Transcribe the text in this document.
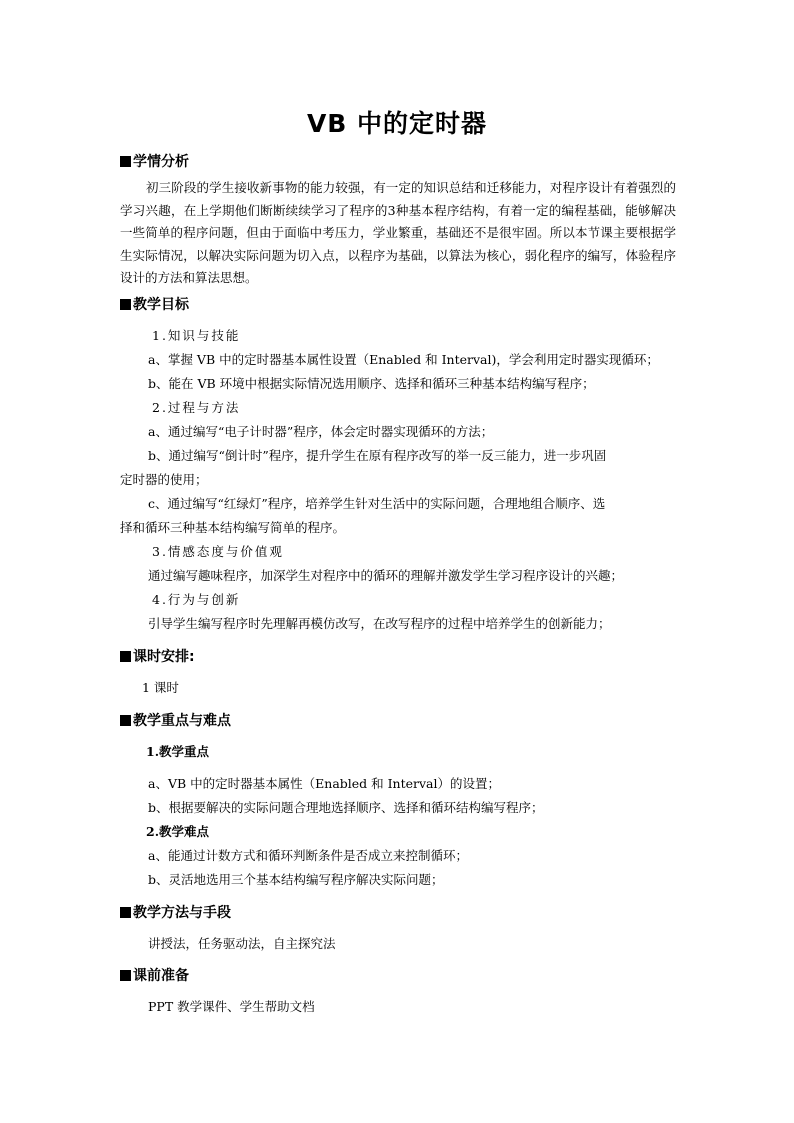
VB 中的定时器
学情分析

初三阶段的学生接收新事物的能力较强，有一定的知识总结和迁移能力，对程序设计有着强烈的学习兴趣，在上学期他们断断续续学习了程序的3种基本程序结构，有着一定的编程基础，能够解决一些简单的程序问题，但由于面临中考压力，学业繁重，基础还不是很牢固。所以本节课主要根据学生实际情况，以解决实际问题为切入点，以程序为基础，以算法为核心，弱化程序的编写，体验程序设计的方法和算法思想。

教学目标
1.知识与技能
a、掌握 VB 中的定时器基本属性设置（Enabled 和 Interval)，学会利用定时器实现循环；
b、能在 VB 环境中根据实际情况选用顺序、选择和循环三种基本结构编写程序；
2.过程与方法
a、通过编写“电子计时器”程序，体会定时器实现循环的方法；
b、通过编写“倒计时”程序，提升学生在原有程序改写的举一反三能力，进一步巩固
定时器的使用；
c、通过编写“红绿灯”程序，培养学生针对生活中的实际问题，合理地组合顺序、选
择和循环三种基本结构编写简单的程序。
3.情感态度与价值观
通过编写趣味程序，加深学生对程序中的循环的理解并激发学生学习程序设计的兴趣；
4.行为与创新
引导学生编写程序时先理解再模仿改写，在改写程序的过程中培养学生的创新能力；
课时安排:
1 课时
教学重点与难点
1.教学重点
a、VB 中的定时器基本属性（Enabled 和 Interval）的设置；
b、根据要解决的实际问题合理地选择顺序、选择和循环结构编写程序；
2.教学难点
a、能通过计数方式和循环判断条件是否成立来控制循环；
b、灵活地选用三个基本结构编写程序解决实际问题；
教学方法与手段
讲授法，任务驱动法，自主探究法
课前准备
PPT 教学课件、学生帮助文档
